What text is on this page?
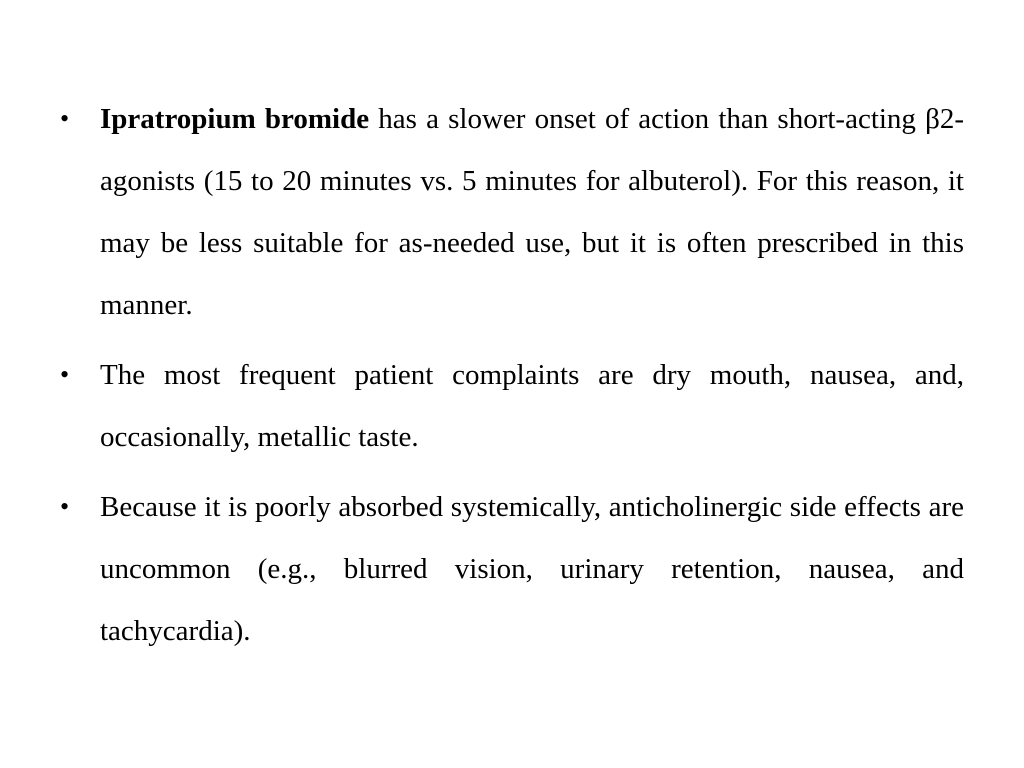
• Ipratropium bromide has a slower onset of action than short-acting β2- agonists (15 to 20 minutes vs. 5 minutes for albuterol). For this reason, it may be less suitable for as-needed use, but it is often prescribed in this manner.
• The most frequent patient complaints are dry mouth, nausea, and, occasionally, metallic taste.
• Because it is poorly absorbed systemically, anticholinergic side effects are uncommon (e.g., blurred vision, urinary retention, nausea, and tachycardia).
